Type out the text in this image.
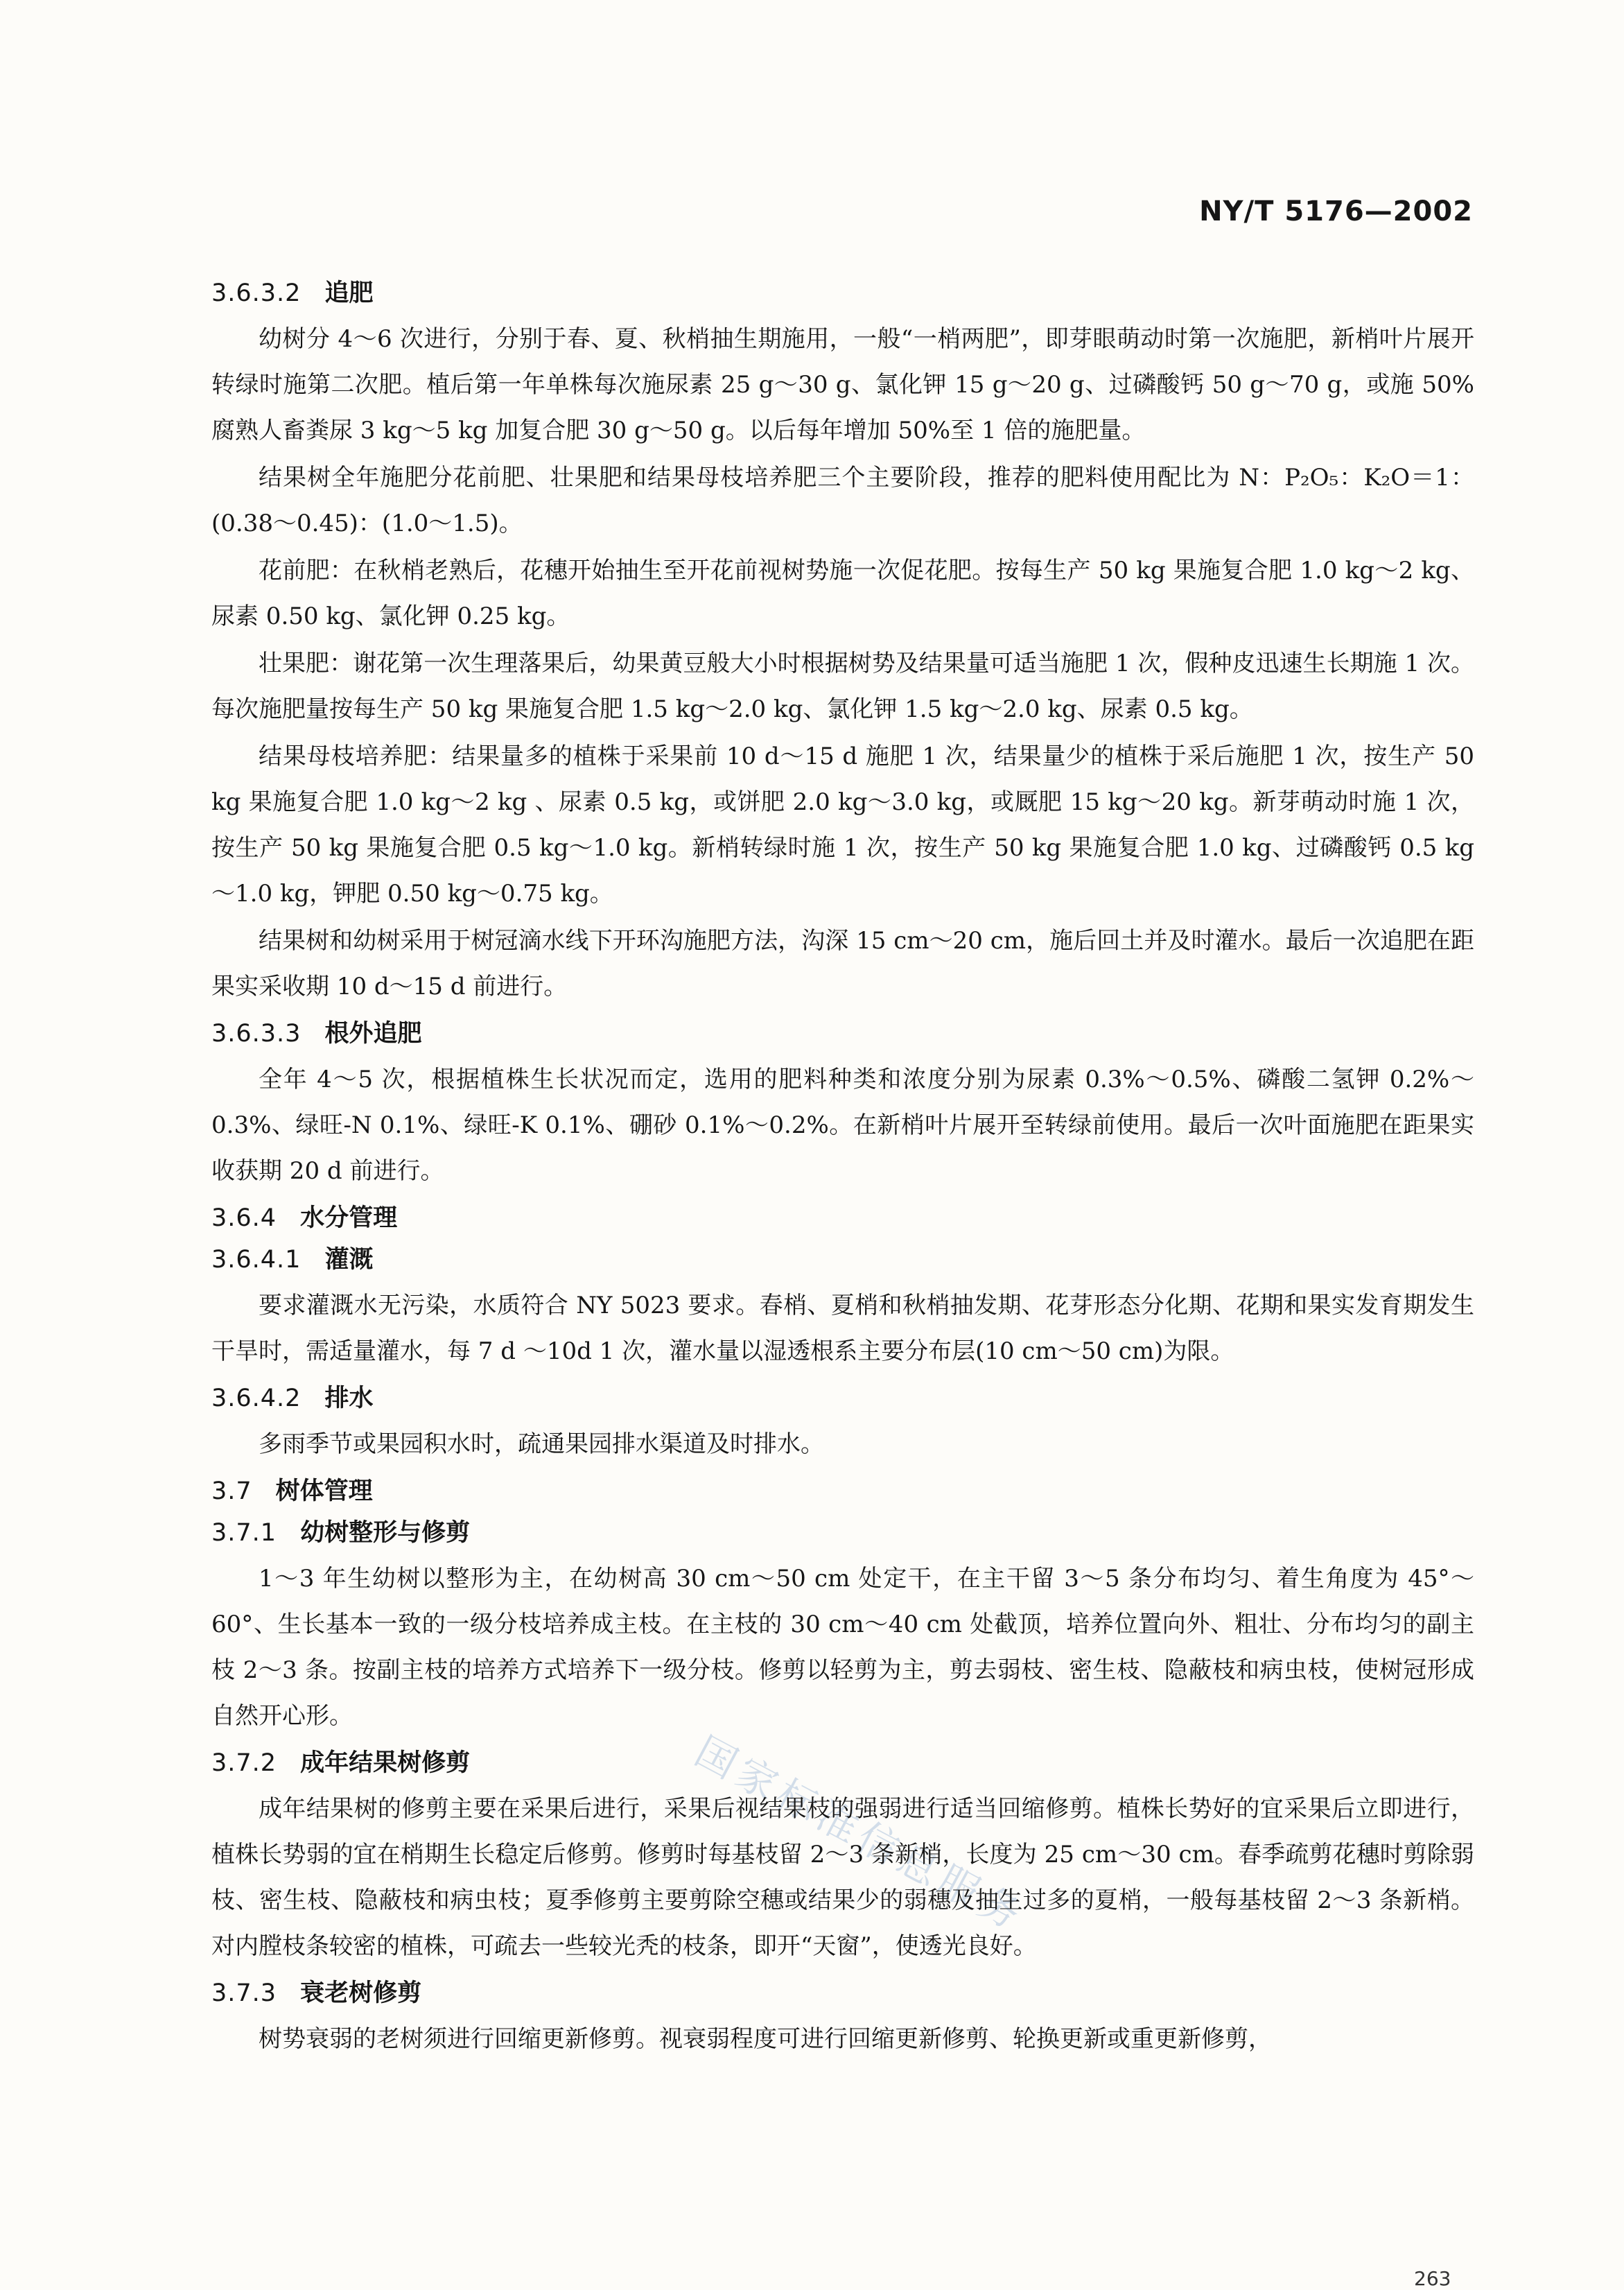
NY/T 5176—2002
国家标准信息服务
3.6.3.2 追肥

幼树分 4～6 次进行，分别于春、夏、秋梢抽生期施用，一般“一梢两肥”，即芽眼萌动时第一次施肥，新梢叶片展开转绿时施第二次肥。植后第一年单株每次施尿素 25 g～30 g、氯化钾 15 g～20 g、过磷酸钙 50 g～70 g，或施 50%腐熟人畜粪尿 3 kg～5 kg 加复合肥 30 g～50 g。以后每年增加 50%至 1 倍的施肥量。

结果树全年施肥分花前肥、壮果肥和结果母枝培养肥三个主要阶段，推荐的肥料使用配比为 N：P₂O₅：K₂O＝1：(0.38～0.45)：(1.0～1.5)。

花前肥：在秋梢老熟后，花穗开始抽生至开花前视树势施一次促花肥。按每生产 50 kg 果施复合肥 1.0 kg～2 kg、尿素 0.50 kg、氯化钾 0.25 kg。

壮果肥：谢花第一次生理落果后，幼果黄豆般大小时根据树势及结果量可适当施肥 1 次，假种皮迅速生长期施 1 次。每次施肥量按每生产 50 kg 果施复合肥 1.5 kg～2.0 kg、氯化钾 1.5 kg～2.0 kg、尿素 0.5 kg。

结果母枝培养肥：结果量多的植株于采果前 10 d～15 d 施肥 1 次，结果量少的植株于采后施肥 1 次，按生产 50 kg 果施复合肥 1.0 kg～2 kg 、尿素 0.5 kg，或饼肥 2.0 kg～3.0 kg，或厩肥 15 kg～20 kg。新芽萌动时施 1 次，按生产 50 kg 果施复合肥 0.5 kg～1.0 kg。新梢转绿时施 1 次，按生产 50 kg 果施复合肥 1.0 kg、过磷酸钙 0.5 kg～1.0 kg，钾肥 0.50 kg～0.75 kg。

结果树和幼树采用于树冠滴水线下开环沟施肥方法，沟深 15 cm～20 cm，施后回土并及时灌水。最后一次追肥在距果实采收期 10 d～15 d 前进行。

3.6.3.3 根外追肥

全年 4～5 次，根据植株生长状况而定，选用的肥料种类和浓度分别为尿素 0.3%～0.5%、磷酸二氢钾 0.2%～0.3%、绿旺-N 0.1%、绿旺-K 0.1%、硼砂 0.1%～0.2%。在新梢叶片展开至转绿前使用。最后一次叶面施肥在距果实收获期 20 d 前进行。

3.6.4 水分管理
3.6.4.1 灌溉

要求灌溉水无污染，水质符合 NY 5023 要求。春梢、夏梢和秋梢抽发期、花芽形态分化期、花期和果实发育期发生干旱时，需适量灌水，每 7 d ～10d 1 次，灌水量以湿透根系主要分布层(10 cm～50 cm)为限。

3.6.4.2 排水

多雨季节或果园积水时，疏通果园排水渠道及时排水。

3.7 树体管理
3.7.1 幼树整形与修剪

1～3 年生幼树以整形为主，在幼树高 30 cm～50 cm 处定干，在主干留 3～5 条分布均匀、着生角度为 45°～60°、生长基本一致的一级分枝培养成主枝。在主枝的 30 cm～40 cm 处截顶，培养位置向外、粗壮、分布均匀的副主枝 2～3 条。按副主枝的培养方式培养下一级分枝。修剪以轻剪为主，剪去弱枝、密生枝、隐蔽枝和病虫枝，使树冠形成自然开心形。

3.7.2 成年结果树修剪

成年结果树的修剪主要在采果后进行，采果后视结果枝的强弱进行适当回缩修剪。植株长势好的宜采果后立即进行，植株长势弱的宜在梢期生长稳定后修剪。修剪时每基枝留 2～3 条新梢，长度为 25 cm～30 cm。春季疏剪花穗时剪除弱枝、密生枝、隐蔽枝和病虫枝；夏季修剪主要剪除空穗或结果少的弱穗及抽生过多的夏梢，一般每基枝留 2～3 条新梢。对内膛枝条较密的植株，可疏去一些较光秃的枝条，即开“天窗”，使透光良好。

3.7.3 衰老树修剪

树势衰弱的老树须进行回缩更新修剪。视衰弱程度可进行回缩更新修剪、轮换更新或重更新修剪，

263
